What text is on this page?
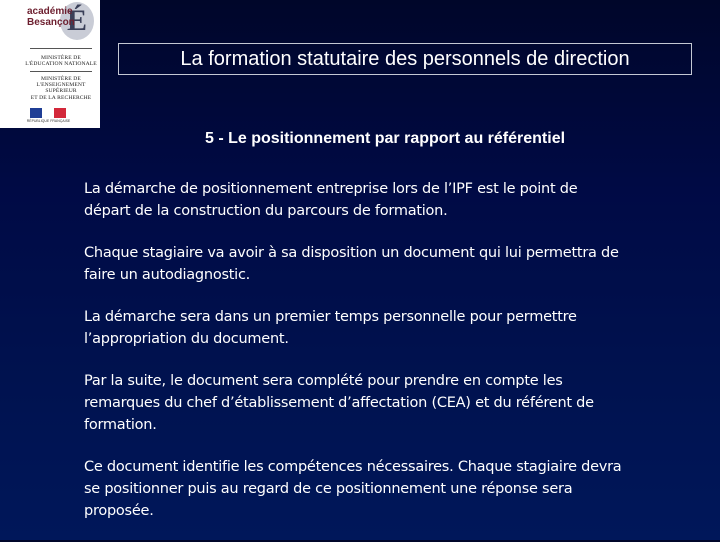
É
académie
Besançon
MINISTÈRE DE
L'ÉDUCATION NATIONALE
MINISTÈRE DE
L'ENSEIGNEMENT SUPÉRIEUR
ET DE LA RECHERCHE
RÉPUBLIQUE FRANÇAISE
La formation statutaire des personnels de direction
5 - Le positionnement par rapport au référentiel

La démarche de positionnement entreprise lors de l’IPF est le point de
départ de la construction du parcours de formation.

Chaque stagiaire va avoir à sa disposition un document qui lui permettra de
faire un autodiagnostic.

La démarche sera dans un premier temps personnelle pour permettre
l’appropriation du document.

Par la suite, le document sera complété pour prendre en compte les
remarques du chef d’établissement d’affectation (CEA) et du référent de
formation.

Ce document identifie les compétences nécessaires. Chaque stagiaire devra
se positionner puis au regard de ce positionnement une réponse sera
proposée.
